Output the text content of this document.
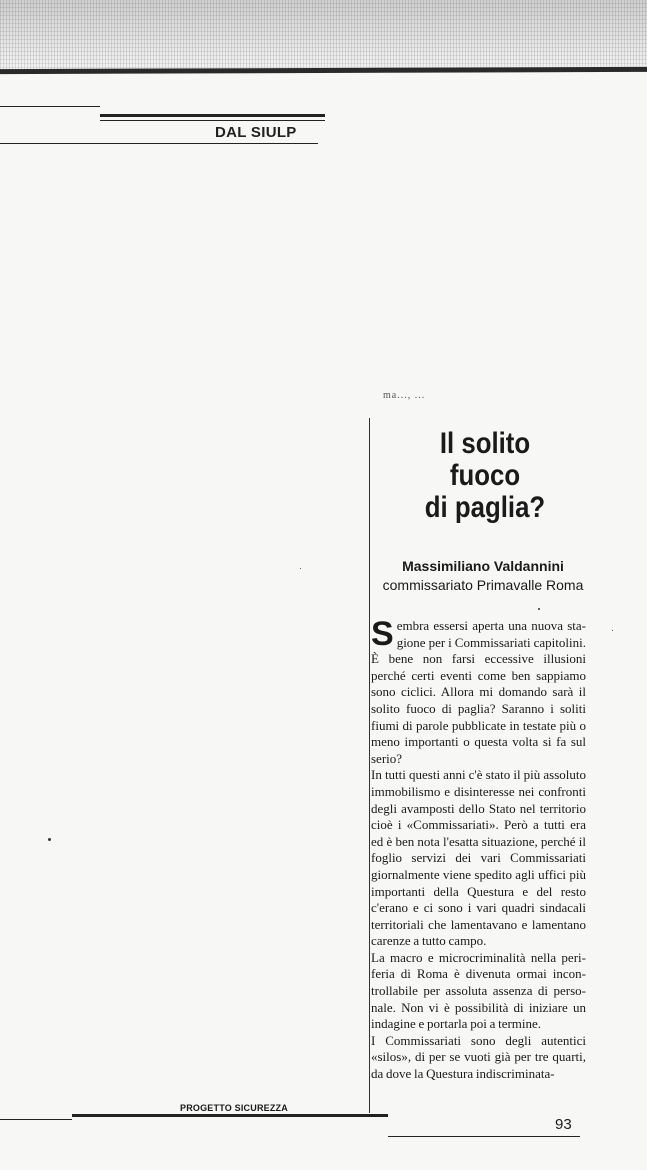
DAL SIULP
ma..., ...
Il solito
fuoco
di paglia?
Massimiliano Valdannini
commissariato Primavalle Roma

Sembra essersi aperta una nuova stagione per i Commissariati capitolini. È bene non farsi eccessive illusioni perché certi eventi come ben sappiamo sono ciclici. Allora mi domando sarà il solito fuoco di paglia? Saranno i soliti fiumi di parole pubblicate in testate più o meno importanti o questa volta si fa sul serio?

In tutti questi anni c'è stato il più assoluto immobilismo e disinteresse nei confronti degli avamposti dello Stato nel territorio cioè i «Commissariati». Però a tutti era ed è ben nota l'esatta situazione, perché il foglio servizi dei vari Commissariati giornalmente viene spedito agli uffici più importanti della Questura e del resto c'erano e ci sono i vari quadri sindacali territoriali che lamentavano e lamentano carenze a tutto campo.

La macro e microcriminalità nella periferia di Roma è divenuta ormai incontrollabile per assoluta assenza di personale. Non vi è possibilità di iniziare un indagine e portarla poi a termine.

I Commissariati sono degli autentici «silos», di per se vuoti già per tre quarti, da dove la Questura indiscriminata-

PROGETTO SICUREZZA
93
